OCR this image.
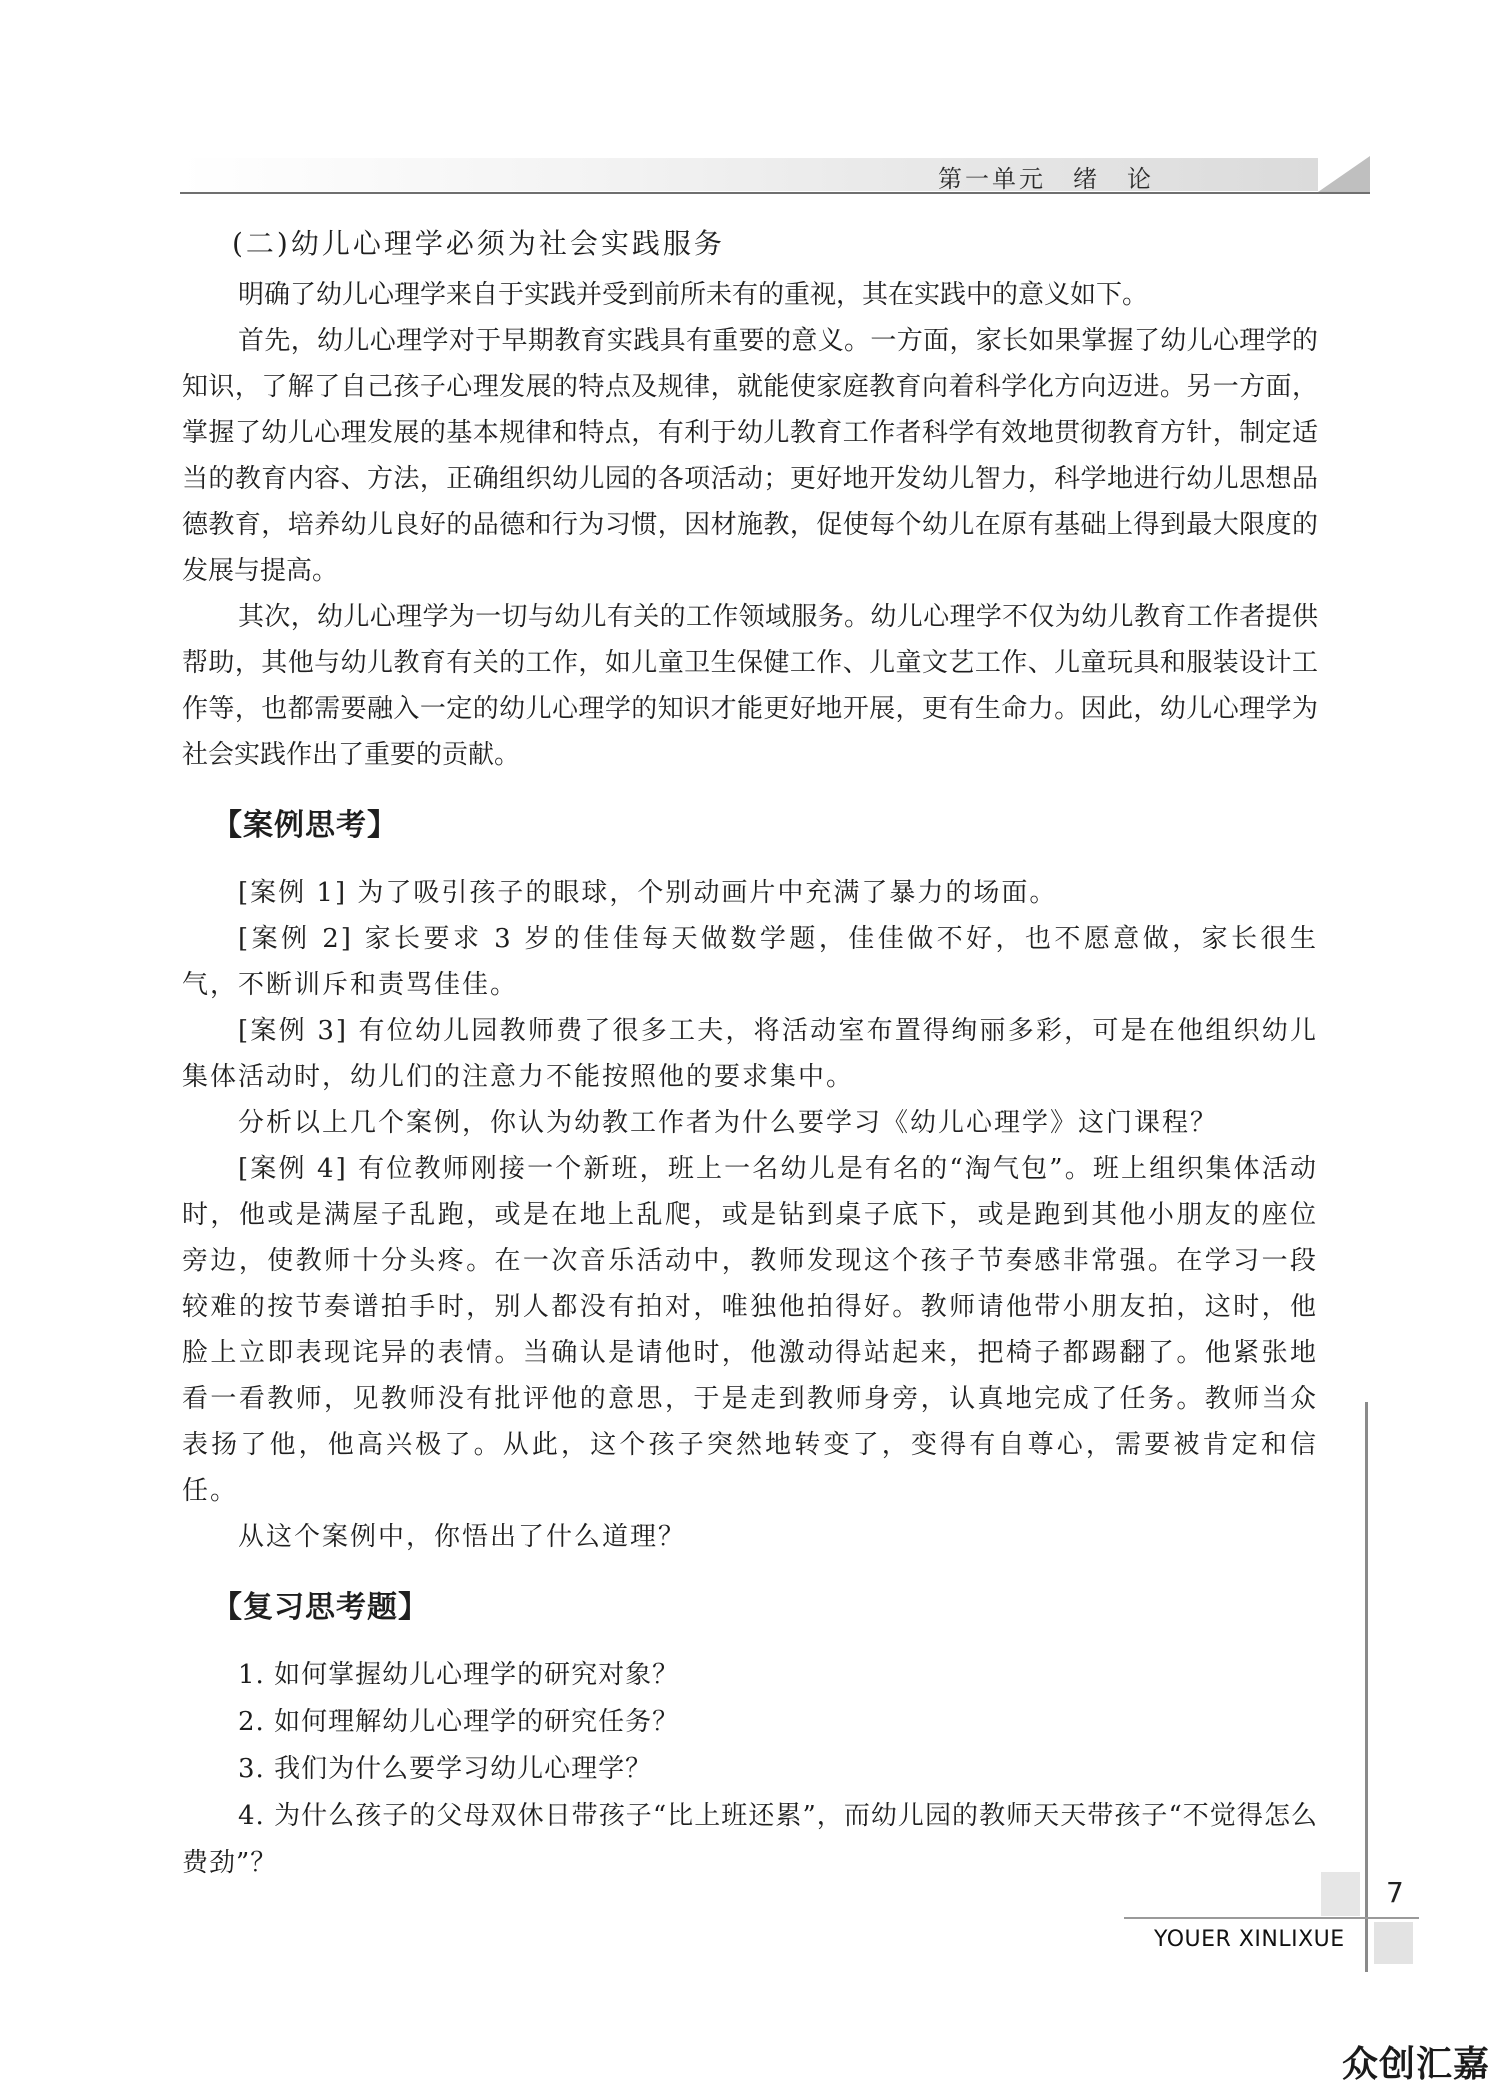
第一单元　绪　论

(二)幼儿心理学必须为社会实践服务

明确了幼儿心理学来自于实践并受到前所未有的重视，其在实践中的意义如下。

首先，幼儿心理学对于早期教育实践具有重要的意义。一方面，家长如果掌握了幼儿心理学的知识，了解了自己孩子心理发展的特点及规律，就能使家庭教育向着科学化方向迈进。另一方面，掌握了幼儿心理发展的基本规律和特点，有利于幼儿教育工作者科学有效地贯彻教育方针，制定适当的教育内容、方法，正确组织幼儿园的各项活动；更好地开发幼儿智力，科学地进行幼儿思想品德教育，培养幼儿良好的品德和行为习惯，因材施教，促使每个幼儿在原有基础上得到最大限度的发展与提高。

其次，幼儿心理学为一切与幼儿有关的工作领域服务。幼儿心理学不仅为幼儿教育工作者提供帮助，其他与幼儿教育有关的工作，如儿童卫生保健工作、儿童文艺工作、儿童玩具和服装设计工作等，也都需要融入一定的幼儿心理学的知识才能更好地开展，更有生命力。因此，幼儿心理学为社会实践作出了重要的贡献。

【案例思考】

[案例 1] 为了吸引孩子的眼球，个别动画片中充满了暴力的场面。

[案例 2] 家长要求 3 岁的佳佳每天做数学题，佳佳做不好，也不愿意做，家长很生气，不断训斥和责骂佳佳。

[案例 3] 有位幼儿园教师费了很多工夫，将活动室布置得绚丽多彩，可是在他组织幼儿集体活动时，幼儿们的注意力不能按照他的要求集中。

分析以上几个案例，你认为幼教工作者为什么要学习《幼儿心理学》这门课程？

[案例 4] 有位教师刚接一个新班，班上一名幼儿是有名的“淘气包”。班上组织集体活动时，他或是满屋子乱跑，或是在地上乱爬，或是钻到桌子底下，或是跑到其他小朋友的座位旁边，使教师十分头疼。在一次音乐活动中，教师发现这个孩子节奏感非常强。在学习一段较难的按节奏谱拍手时，别人都没有拍对，唯独他拍得好。教师请他带小朋友拍，这时，他脸上立即表现诧异的表情。当确认是请他时，他激动得站起来，把椅子都踢翻了。他紧张地看一看教师，见教师没有批评他的意思，于是走到教师身旁，认真地完成了任务。教师当众表扬了他，他高兴极了。从此，这个孩子突然地转变了，变得有自尊心，需要被肯定和信任。

从这个案例中，你悟出了什么道理？

【复习思考题】

1. 如何掌握幼儿心理学的研究对象？

2. 如何理解幼儿心理学的研究任务？

3. 我们为什么要学习幼儿心理学？

4. 为什么孩子的父母双休日带孩子“比上班还累”，而幼儿园的教师天天带孩子“不觉得怎么费劲”？

7
YOUER XINLIXUE
众创汇嘉
